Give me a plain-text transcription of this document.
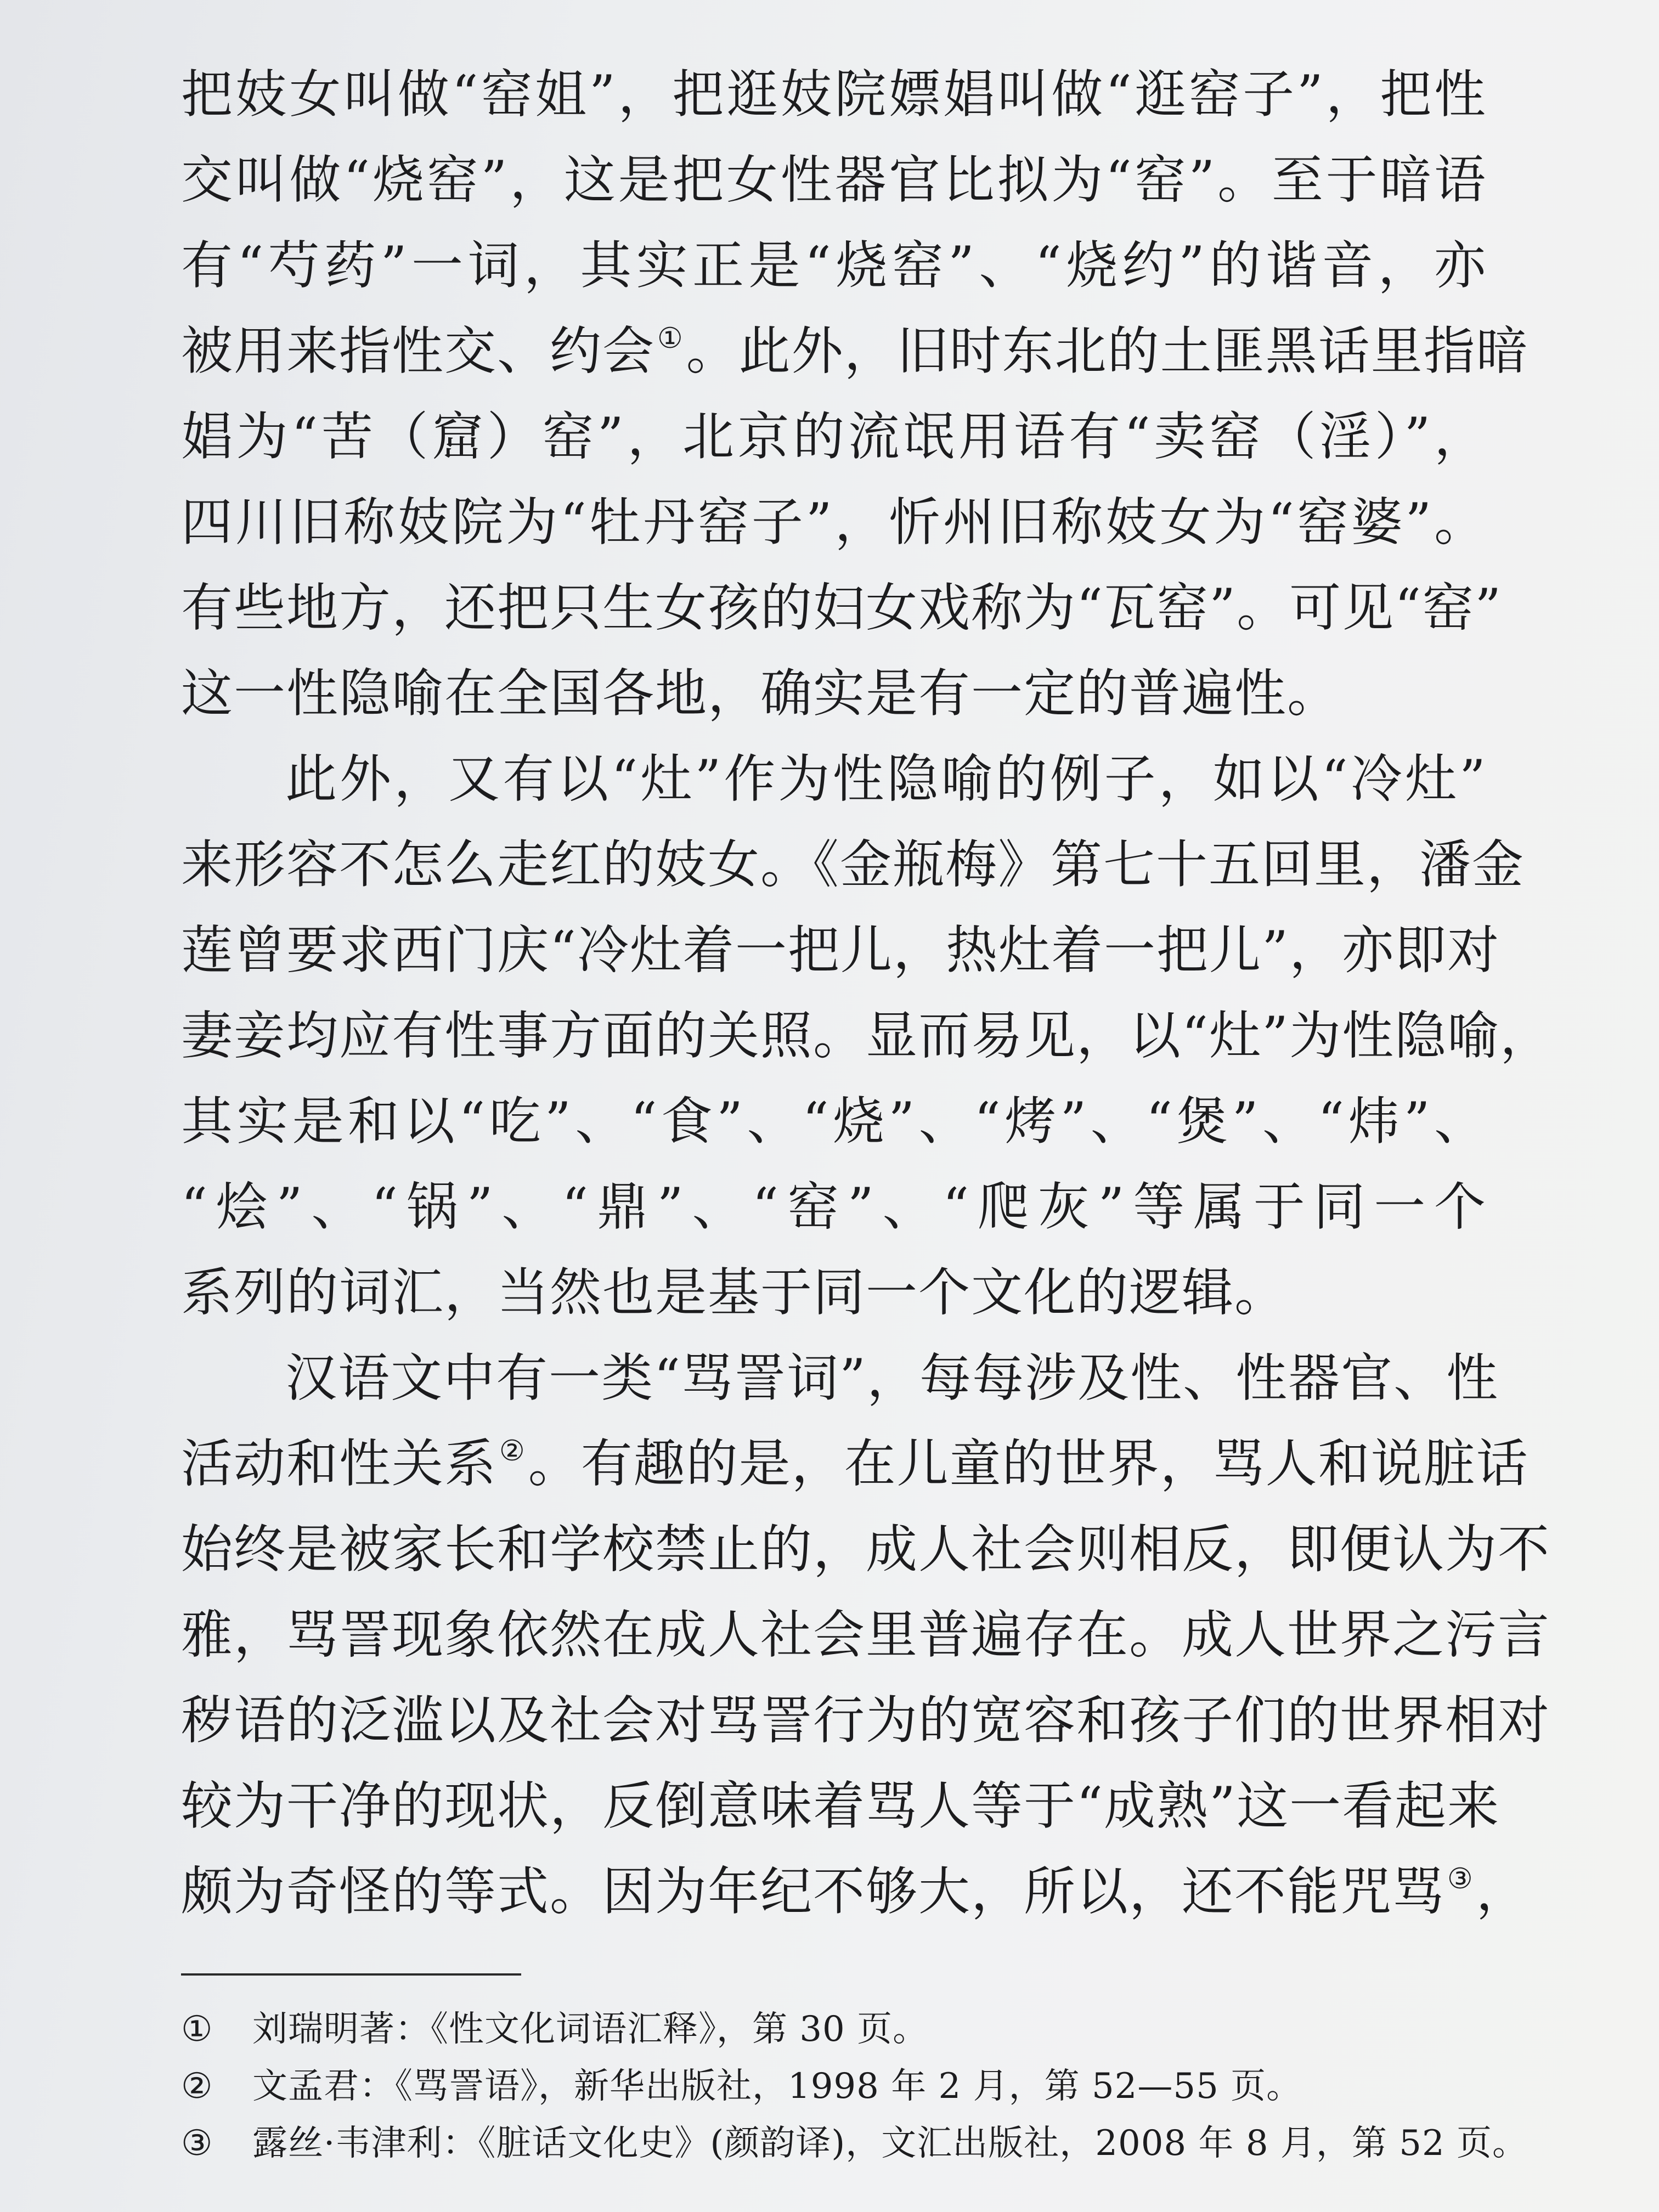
把妓女叫做“窑姐”，把逛妓院嫖娼叫做“逛窑子”，把性
交叫做“烧窑”，这是把女性器官比拟为“窑”。至于暗语
有“芍药”一词，其实正是“烧窑”、“烧约”的谐音，亦
被用来指性交、约会①。此外，旧时东北的土匪黑话里指暗
娼为“苦（窟）窑”，北京的流氓用语有“卖窑（淫）”，
四川旧称妓院为“牡丹窑子”，忻州旧称妓女为“窑婆”。
有些地方，还把只生女孩的妇女戏称为“瓦窑”。可见“窑”
这一性隐喻在全国各地，确实是有一定的普遍性。
此外，又有以“灶”作为性隐喻的例子，如以“冷灶”
来形容不怎么走红的妓女。《金瓶梅》第七十五回里，潘金
莲曾要求西门庆“冷灶着一把儿，热灶着一把儿”，亦即对
妻妾均应有性事方面的关照。显而易见，以“灶”为性隐喻，
其实是和以“吃”、“食”、“烧”、“烤”、“煲”、“炜”、
“烩”、“锅”、“鼎”、“窑”、“爬灰”等属于同一个
系列的词汇，当然也是基于同一个文化的逻辑。
汉语文中有一类“骂詈词”，每每涉及性、性器官、性
活动和性关系②。有趣的是，在儿童的世界，骂人和说脏话
始终是被家长和学校禁止的，成人社会则相反，即便认为不
雅，骂詈现象依然在成人社会里普遍存在。成人世界之污言
秽语的泛滥以及社会对骂詈行为的宽容和孩子们的世界相对
较为干净的现状，反倒意味着骂人等于“成熟”这一看起来
颇为奇怪的等式。因为年纪不够大，所以，还不能咒骂③，
①	刘瑞明著：《性文化词语汇释》，第 30 页。
②	文孟君：《骂詈语》，新华出版社，1998 年 2 月，第 52—55 页。
③	露丝·韦津利：《脏话文化史》(颜韵译)，文汇出版社，2008 年 8 月，第 52 页。
